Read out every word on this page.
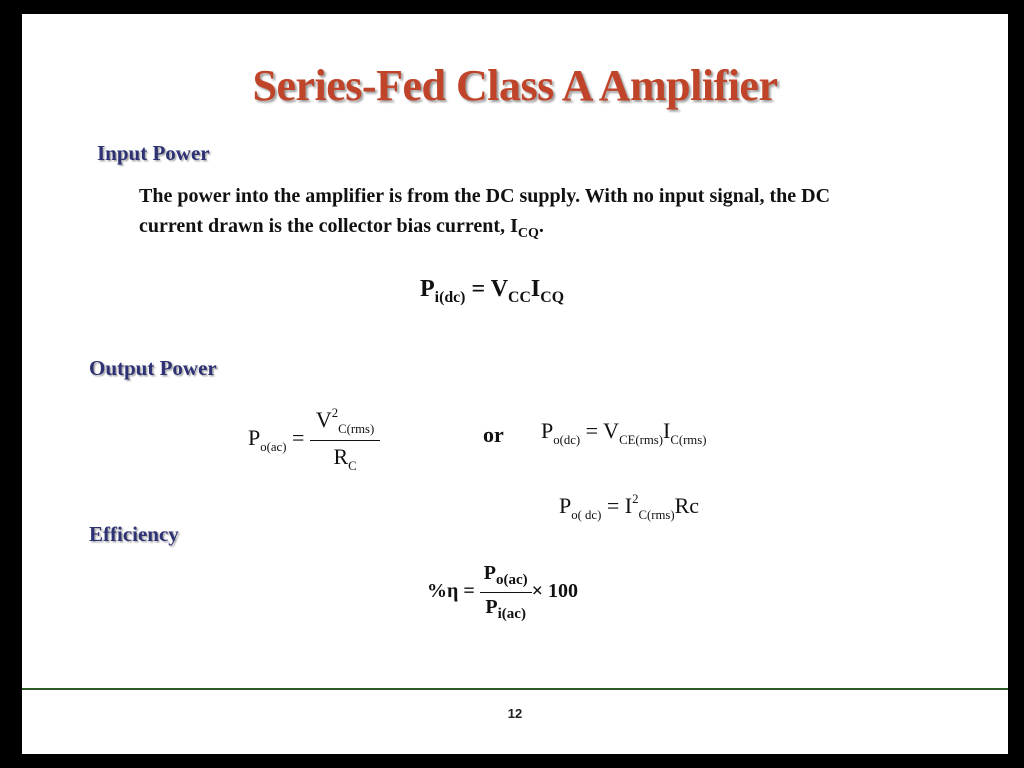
Series-Fed Class A Amplifier
Input Power

The power into the amplifier is from the DC supply. With no input signal, the DC current drawn is the collector bias current, $I_{CQ}$.

$P_{i(dc)} = V_{CC}I_{CQ}$
Output Power
$P_{o(ac)} = \frac{V^2_{C(rms)}}{R_C}$	or $P_{o(dc)} = V_{CE(rms)}I_{C(rms)}$
$P_{o( dc)} = I^2_{C(rms)}Rc$
Efficiency
$\%\eta = \frac{P_{o(ac)}}{P_{i(ac)}} \times 100$
12
